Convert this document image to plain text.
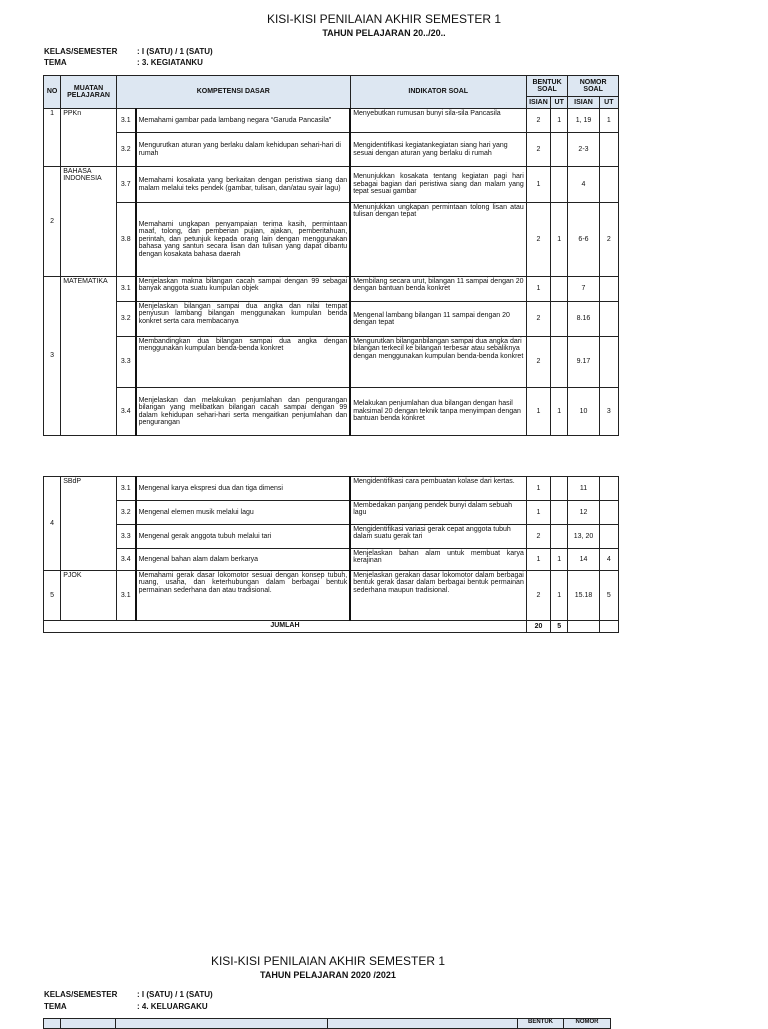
KISI-KISI PENILAIAN AKHIR SEMESTER 1
TAHUN PELAJARAN 20../20..
KELAS/SEMESTER : I (SATU) / 1 (SATU)
TEMA	: 3. KEGIATANKU
NO	MUATAN PELAJARAN	KOMPETENSI DASAR		INDIKATOR SOAL	BENTUK SOAL		NOMOR SOAL	
					ISIAN	UT	ISIAN	UT
1	PPKn	3.1	Memahami gambar pada lambang negara “Garuda Pancasila”	Menyebutkan rumusan bunyi sila-sila Pancasila	2	1	1, 19	1
		3.2	Mengurutkan aturan yang berlaku dalam kehidupan sehari-hari di rumah	Mengidentifikasi kegiatankegiatan siang hari yang sesuai dengan aturan yang berlaku di rumah	2		2-3	
2	BAHASA INDONESIA	3.7	Memahami kosakata yang berkaitan dengan peristiwa siang dan malam melalui teks pendek (gambar, tulisan, dan/atau syair lagu)	Menunjukkan kosakata tentang kegiatan pagi hari sebagai bagian dari peristiwa siang dan malam yang tepat sesuai gambar	1		4	
		3.8	Memahami ungkapan penyampaian terima kasih, permintaan maaf, tolong, dan pemberian pujian, ajakan, pemberitahuan, perintah, dan petunjuk kepada orang lain dengan menggunakan bahasa yang santun secara lisan dan tulisan yang dapat dibantu dengan kosakata bahasa daerah	Menunjukkan ungkapan permintaan tolong lisan atau tulisan dengan tepat	2	1	6-6	2
3	MATEMATIKA	3.1	Menjelaskan makna bilangan cacah sampai dengan 99 sebagai banyak anggota suatu kumpulan objek	Membilang secara urut, bilangan 11 sampai dengan 20 dengan bantuan benda konkret	1		7	
		3.2	Menjelaskan bilangan sampai dua angka dan nilai tempat penyusun lambang bilangan menggunakan kumpulan benda konkret serta cara membacanya	Mengenal lambang bilangan 11 sampai dengan 20 dengan tepat	2		8.16	
		3.3	Membandingkan dua bilangan sampai dua angka dengan menggunakan kumpulan benda-benda konkret	Mengurutkan bilanganbilangan sampai dua angka dari bilangan terkecil ke bilangan terbesar atau sebaliknya dengan menggunakan kumpulan benda-benda konkret	2		9.17	
		3.4	Menjelaskan dan melakukan penjumlahan dan pengurangan bilangan yang melibatkan bilangan cacah sampai dengan 99 dalam kehidupan sehari-hari serta mengaitkan penjumlahan dan pengurangan	Melakukan penjumlahan dua bilangan dengan hasil maksimal 20 dengan teknik tanpa menyimpan dengan bantuan benda konkret	1	1	10	3
4	SBdP	3.1	Mengenal karya ekspresi dua dan tiga dimensi	Mengidentifikasi cara pembuatan kolase dari kertas.	1		11	
		3.2	Mengenal elemen musik melalui lagu	Membedakan panjang pendek bunyi dalam sebuah lagu	1		12	
		3.3	Mengenal gerak anggota tubuh melalui tari	Mengidentifikasi variasi gerak cepat anggota tubuh dalam suatu gerak tari	2		13, 20	
		3.4	Mengenal bahan alam dalam berkarya	Menjelaskan bahan alam untuk membuat karya kerajinan	1	1	14	4
5	PJOK	3.1	Memahami gerak dasar lokomotor sesuai dengan konsep tubuh, ruang, usaha, dan keterhubungan dalam berbagai bentuk permainan sederhana dan atau tradisional.	Menjelaskan gerakan dasar lokomotor dalam berbagai bentuk gerak dasar dalam berbagai bentuk permainan sederhana maupun tradisional.	2	1	15.18	5
JUMLAH					20	5		
KISI-KISI PENILAIAN AKHIR SEMESTER 1
TAHUN PELAJARAN 2020 /2021
KELAS/SEMESTER : I (SATU) / 1 (SATU)
TEMA	: 4. KELUARGAKU
				BENTUK	NOMOR
